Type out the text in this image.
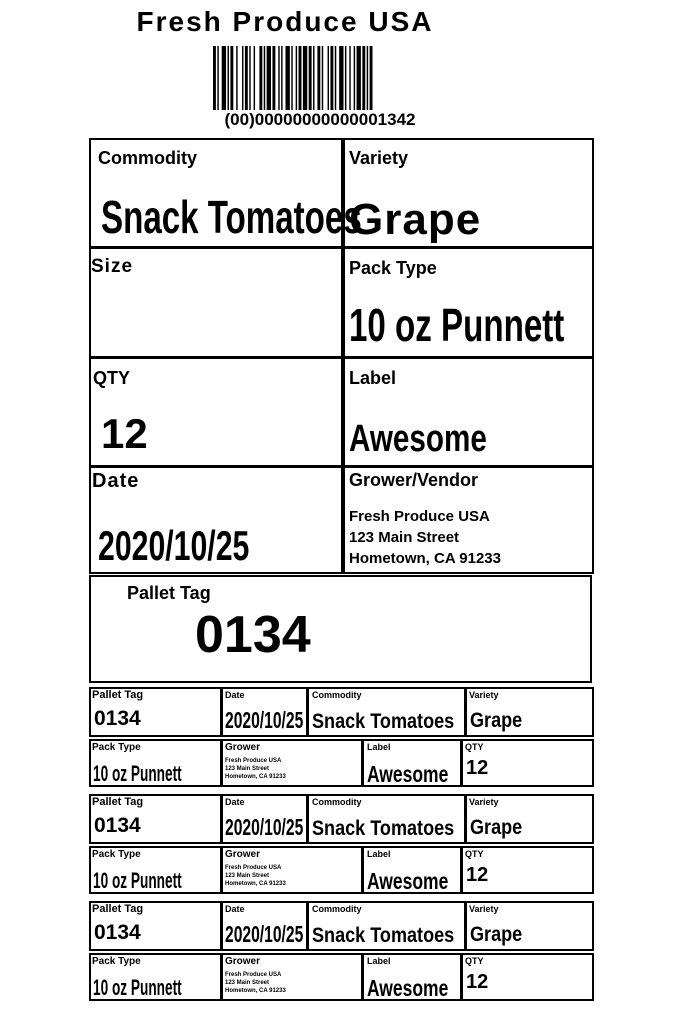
Fresh Produce USA
(00)00000000000001342
Commodity
Snack Tomatoes
Variety
Grape
Size	Pack Type
10 oz Punnett
QTY
12
Label
Awesome
Date
2020/10/25
Grower/Vendor
Fresh Produce USA
123 Main Street
Hometown, CA 91233
Pallet Tag
0134
Pallet Tag
0134
Date
2020/10/25
Commodity
Snack Tomatoes
Variety
Grape
Pack Type
10 oz Punnett
Grower
Fresh Produce USA
123 Main Street
Hometown, CA 91233
Label
Awesome
QTY
12
Pallet Tag
0134
Date
2020/10/25
Commodity
Snack Tomatoes
Variety
Grape
Pack Type
10 oz Punnett
Grower
Fresh Produce USA
123 Main Street
Hometown, CA 91233
Label
Awesome
QTY
12
Pallet Tag
0134
Date
2020/10/25
Commodity
Snack Tomatoes
Variety
Grape
Pack Type
10 oz Punnett
Grower
Fresh Produce USA
123 Main Street
Hometown, CA 91233
Label
Awesome
QTY
12
